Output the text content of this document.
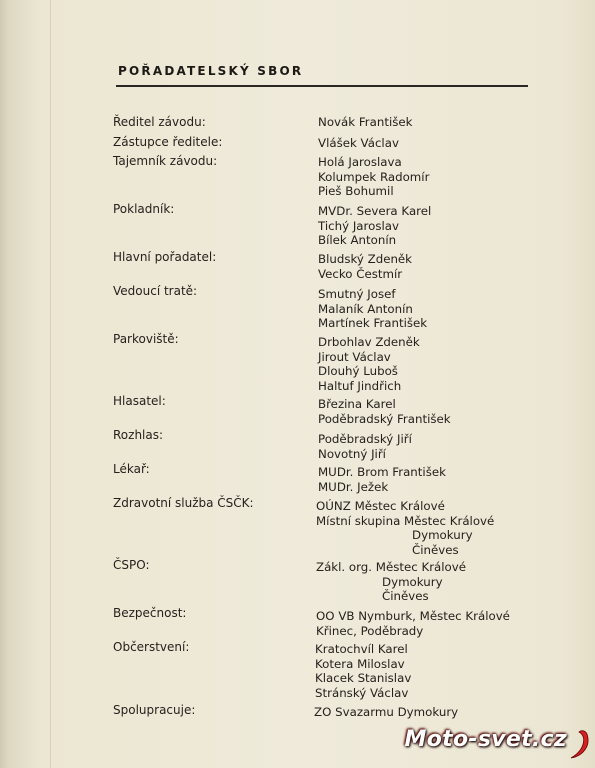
POŘADATELSKÝ SBOR
Ředitel závodu:	Novák František
Zástupce ředitele:	Vlášek Václav
Tajemník závodu:	Holá Jaroslava
Kolumpek Radomír
Pieš Bohumil
Pokladník:	MVDr. Severa Karel
Tichý Jaroslav
Bílek Antonín
Hlavní pořadatel:	Bludský Zdeněk
Vecko Čestmír
Vedoucí tratě:	Smutný Josef
Malaník Antonín
Martínek František
Parkoviště:	Drbohlav Zdeněk
Jirout Václav
Dlouhý Luboš
Haltuf Jindřich
Hlasatel:	Březina Karel
Poděbradský František
Rozhlas:	Poděbradský Jiří
Novotný Jiří
Lékař:	MUDr. Brom František
MUDr. Ježek
Zdravotní služba ČSČK:	OÚNZ Městec Králové
Místní skupina Městec Králové
Dymokury
Činěves
ČSPO:	Zákl. org. Městec Králové
Dymokury
Činěves
Bezpečnost:	OO VB Nymburk, Městec Králové
Křinec, Poděbrady
Občerstvení:	Kratochvíl Karel
Kotera Miloslav
Klacek Stanislav
Stránský Václav
Spolupracuje:	ZO Svazarmu Dymokury
Moto-svet.cz
